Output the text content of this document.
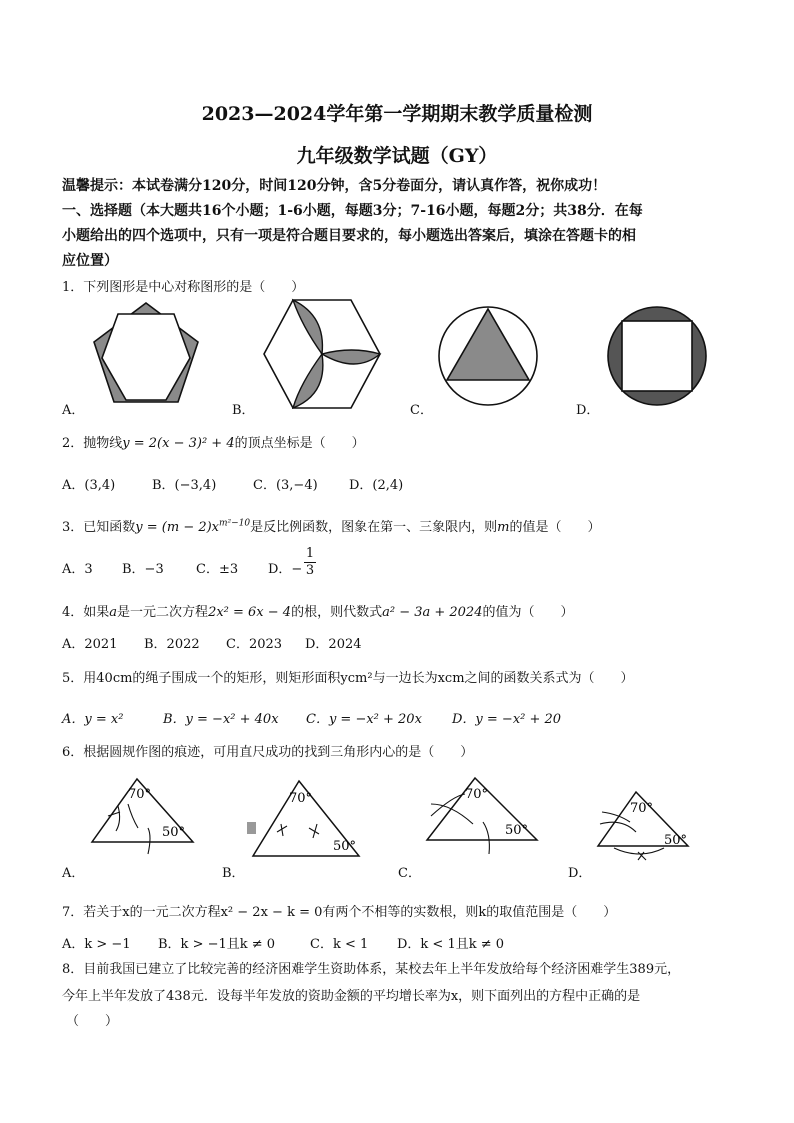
2023—2024学年第一学期期末教学质量检测
九年级数学试题（GY）
温馨提示：本试卷满分120分，时间120分钟，含5分卷面分，请认真作答，祝你成功！
一、选择题（本大题共16个小题；1-6小题，每题3分；7-16小题，每题2分；共38分．在每
小题给出的四个选项中，只有一项是符合题目要求的，每小题选出答案后，填涂在答题卡的相
应位置）
1．下列图形是中心对称图形的是（　　）
A．	B．	C．	D．
2．抛物线y = 2(x − 3)² + 4的顶点坐标是（　　）
A．(3,4)	B．(−3,4)	C．(3,−4) D．(2,4)
3．已知函数$y = (m - 2)x^{m^2-10}$是反比例函数，图象在第一、三象限内，则m的值是（　　）
A．3 B．−3 C．±3 D．− $\frac{1}{3}$
4．如果a是一元二次方程2x² = 6x − 4的根，则代数式a² − 3a + 2024的值为（　　）
A．2021 B．2022 C．2023 D．2024
5．用40cm的绳子围成一个的矩形，则矩形面积ycm²与一边长为xcm之间的函数关系式为（　　）
A．y = x²	B．y = −x² + 40x C．y = −x² + 20x D．y = −x² + 20
6．根据圆规作图的痕迹，可用直尺成功的找到三角形内心的是（　　）
70°
50°
A．
70°
50°
B．
70°
50°
C．
70°
50°
D．
7．若关于x的一元二次方程x² − 2x − k = 0有两个不相等的实数根，则k的取值范围是（　　）
A．k > −1 B．k > −1且k ≠ 0	C．k < 1 D．k < 1且k ≠ 0
8．目前我国已建立了比较完善的经济困难学生资助体系，某校去年上半年发放给每个经济困难学生389元，
今年上半年发放了438元．设每半年发放的资助金额的平均增长率为x，则下面列出的方程中正确的是
（　　）
